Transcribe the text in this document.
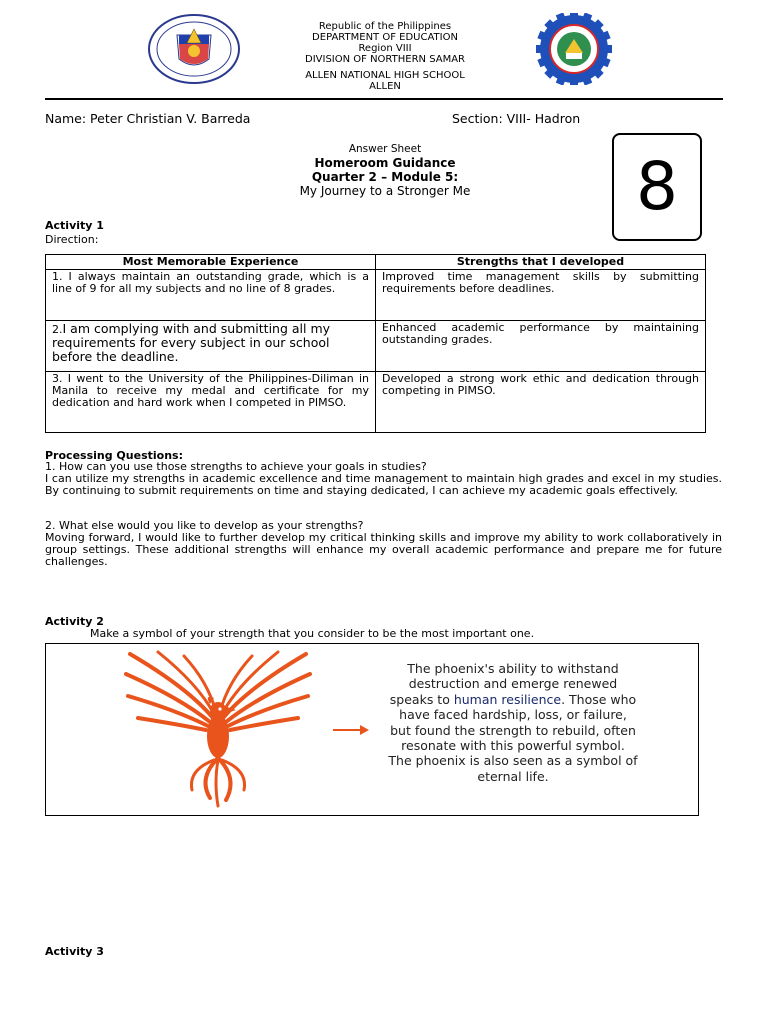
Republic of the Philippines
DEPARTMENT OF EDUCATION
Region VIII
DIVISION OF NORTHERN SAMAR
ALLEN NATIONAL HIGH SCHOOL
ALLEN
Name: Peter Christian V. Barreda	Section: VIII- Hadron
Answer Sheet
Homeroom Guidance
Quarter 2 – Module 5:
My Journey to a Stronger Me	8
Activity 1
Direction:
Most Memorable Experience	Strengths that I developed
1. I always maintain an outstanding grade, which is a line of 9 for all my subjects and no line of 8 grades.	Improved time management skills by submitting requirements before deadlines.
2.I am complying with and submitting all my requirements for every subject in our school before the deadline.	Enhanced academic performance by maintaining outstanding grades.
3. I went to the University of the Philippines-Diliman in Manila to receive my medal and certificate for my dedication and hard work when I competed in PIMSO.	Developed a strong work ethic and dedication through competing in PIMSO.
Processing Questions:
1. How can you use those strengths to achieve your goals in studies?
I can utilize my strengths in academic excellence and time management to maintain high grades and excel in my studies. By continuing to submit requirements on time and staying dedicated, I can achieve my academic goals effectively.
2. What else would you like to develop as your strengths?
Moving forward, I would like to further develop my critical thinking skills and improve my ability to work collaboratively in group settings. These additional strengths will enhance my overall academic performance and prepare me for future challenges.
Activity 2
Make a symbol of your strength that you consider to be the most important one.
The phoenix's ability to withstand destruction and emerge renewed speaks to human resilience. Those who have faced hardship, loss, or failure, but found the strength to rebuild, often resonate with this powerful symbol. The phoenix is also seen as a symbol of eternal life.
Activity 3
